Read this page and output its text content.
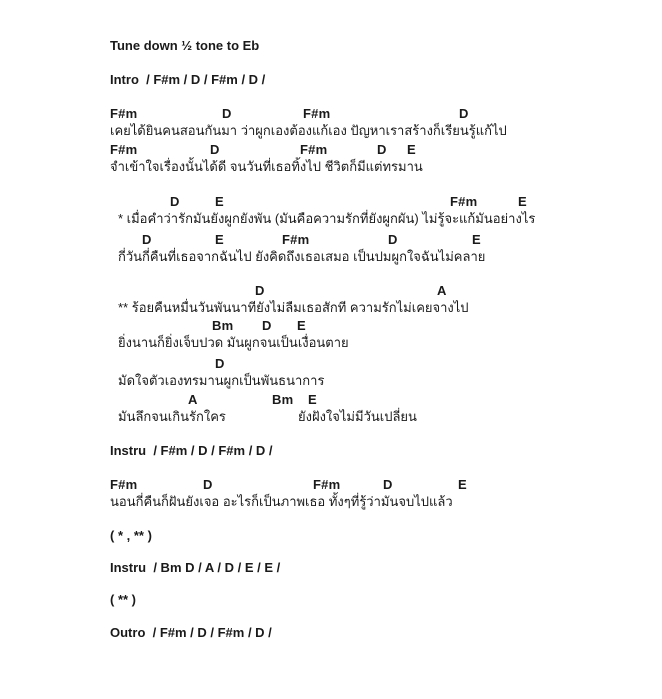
Tune down ½ tone to Eb
Intro  / F#m / D / F#m / D /
F#m	D	F#m	D
เคยได้ยินคนสอนกันมา ว่าผูกเองต้องแก้เอง ปัญหาเราสร้างก็เรียนรู้แก้ไป
F#m	D	F#m	D E
จำเข้าใจเรื่องนั้นได้ดี จนวันที่เธอทิ้งไป ชีวิตก็มีแต่ทรมาน
D	E	F#m	E
* เมื่อคำว่ารักมันยังผูกยังพัน (มันคือความรักที่ยังผูกผัน) ไม่รู้จะแก้มันอย่างไร
D	E	F#m	D	E
กี่วันกี่คืนที่เธอจากฉันไป ยังคิดถึงเธอเสมอ เป็นปมผูกใจฉันไม่คลาย
D	A
** ร้อยคืนหมื่นวันพันนาทียังไม่ลืมเธอสักที ความรักไม่เคยจางไป
Bm D E
ยิ่งนานก็ยิ่งเจ็บปวด มันผูกจนเป็นเงื่อนตาย
D
มัดใจตัวเองทรมานผูกเป็นพันธนาการ
A	Bm E
มันลึกจนเกินรักใคร	ยังฝังใจไม่มีวันเปลี่ยน
Instru  / F#m / D / F#m / D /
F#m	D	F#m	D	E
นอนกี่คืนก็ฝันยังเจอ อะไรก็เป็นภาพเธอ ทั้งๆที่รู้ว่ามันจบไปแล้ว
( * , ** )
Instru  / Bm D / A / D / E / E /
( ** )
Outro  / F#m / D / F#m / D /
